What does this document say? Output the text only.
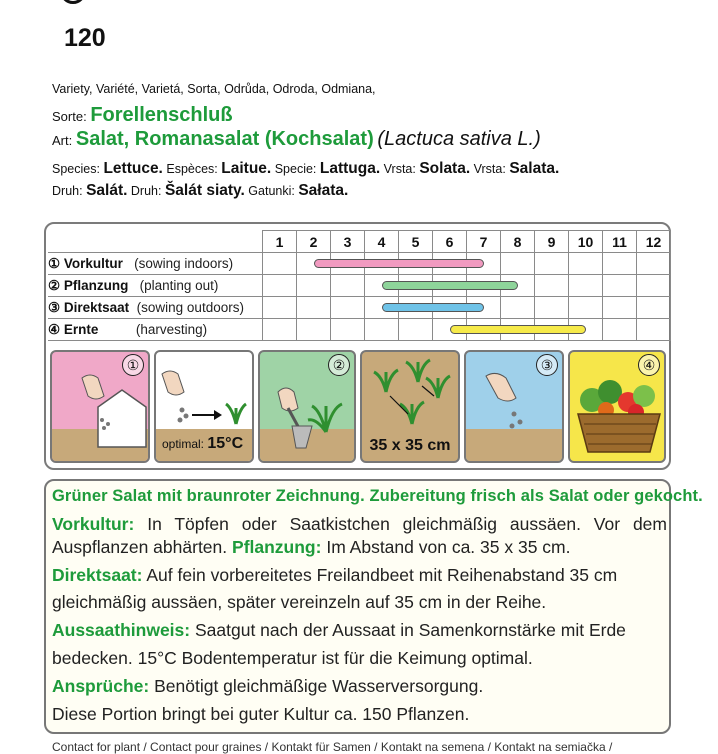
120
Variety, Variété, Varietá, Sorta, Odrůda, Odroda, Odmiana,
Sorte: Forellenschluß
Art: Salat, Romanasalat (Kochsalat) (Lactuca sativa L.)
Species: Lettuce. Espèces: Laitue. Specie: Lattuga. Vrsta: Solata. Vrsta: Salata.
Druh: Salát. Druh: Šalát siaty. Gatunki: Sałata.
	1	2	3	4	5	6	7	8	9	10	11	12
① Vorkultur (sowing indoors)												
② Pflanzung (planting out)												
③ Direktsaat (sowing outdoors)												
④ Ernte (harvesting)												
①
optimal: 15°C
②
35 x 35 cm
③	④
Grüner Salat mit braunroter Zeichnung. Zubereitung frisch als Salat oder gekocht.
Vorkultur: In Töpfen oder Saatkistchen gleichmäßig aussäen. Vor dem
Auspflanzen abhärten. Pflanzung: Im Abstand von ca. 35 x 35 cm.
Direktsaat: Auf fein vorbereitetes Freilandbeet mit Reihenabstand 35 cm
gleichmäßig aussäen, später vereinzeln auf 35 cm in der Reihe.
Aussaathinweis: Saatgut nach der Aussaat in Samenkornstärke mit Erde
bedecken. 15°C Bodentemperatur ist für die Keimung optimal.
Ansprüche: Benötigt gleichmäßige Wasserversorgung.
Diese Portion bringt bei guter Kultur ca. 150 Pflanzen.
Contact for plant / Contact pour graines / Kontakt für Samen / Kontakt na semena / Kontakt na semiačka /
